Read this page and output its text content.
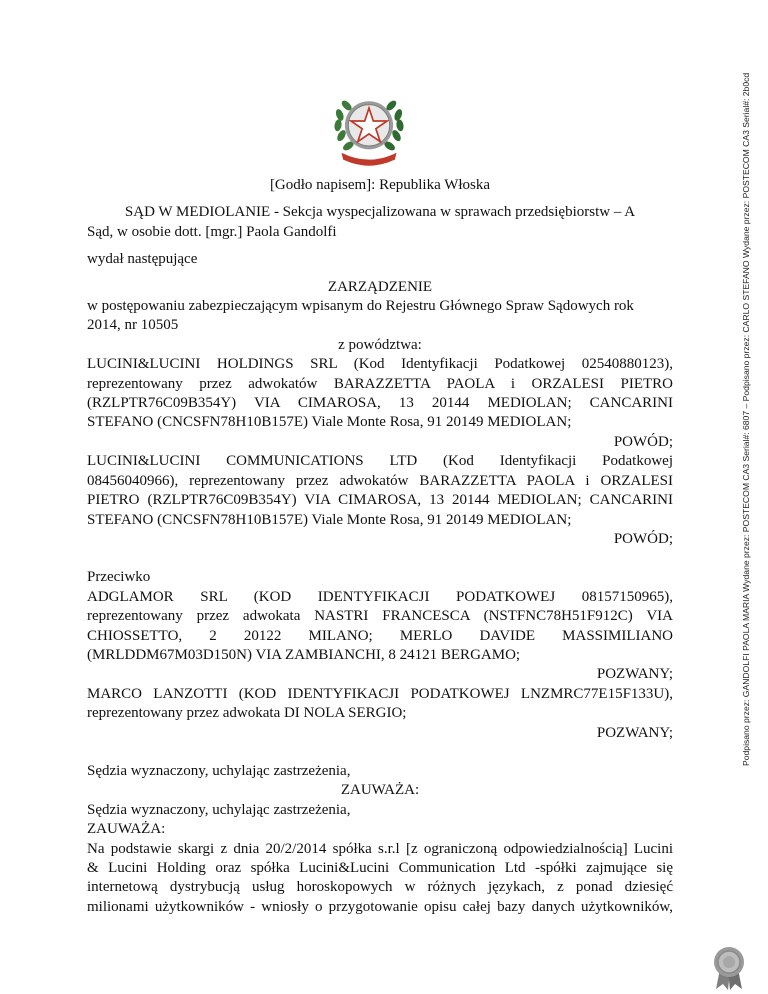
Podpisano przez: GANDOLFI PAOLA MARIA Wydane przez: POSTECOM CA3 Serial#: 6807 – Podpisano przez: CARLO STEFANO Wydane przez: POSTECOM CA3 Serial#: 2b0cd

[Godło napisem]: Republika Włoska

SĄD W MEDIOLANIE - Sekcja wyspecjalizowana w sprawach przedsiębiorstw – A

Sąd, w osobie dott. [mgr.] Paola Gandolfi

wydał następujące

ZARZĄDZENIE

w postępowaniu zabezpieczającym wpisanym do Rejestru Głównego Spraw Sądowych rok

2014, nr 10505

z powództwa:

LUCINI&LUCINI HOLDINGS SRL (Kod Identyfikacji Podatkowej 02540880123),

reprezentowany przez adwokatów BARAZZETTA PAOLA i ORZALESI PIETRO

(RZLPTR76C09B354Y) VIA CIMAROSA, 13 20144 MEDIOLAN; CANCARINI

STEFANO (CNCSFN78H10B157E) Viale Monte Rosa, 91 20149 MEDIOLAN;

POWÓD;

LUCINI&LUCINI COMMUNICATIONS LTD (Kod Identyfikacji Podatkowej

08456040966), reprezentowany przez adwokatów BARAZZETTA PAOLA i ORZALESI

PIETRO (RZLPTR76C09B354Y) VIA CIMAROSA, 13 20144 MEDIOLAN; CANCARINI

STEFANO (CNCSFN78H10B157E) Viale Monte Rosa, 91 20149 MEDIOLAN;

POWÓD;

Przeciwko

ADGLAMOR SRL (KOD IDENTYFIKACJI PODATKOWEJ 08157150965),

reprezentowany przez adwokata NASTRI FRANCESCA (NSTFNC78H51F912C) VIA

CHIOSSETTO, 2 20122 MILANO; MERLO DAVIDE MASSIMILIANO

(MRLDDM67M03D150N) VIA ZAMBIANCHI, 8 24121 BERGAMO;

POZWANY;

MARCO LANZOTTI (KOD IDENTYFIKACJI PODATKOWEJ LNZMRC77E15F133U),

reprezentowany przez adwokata DI NOLA SERGIO;

POZWANY;

Sędzia wyznaczony, uchylając zastrzeżenia,

ZAUWAŻA:

Sędzia wyznaczony, uchylając zastrzeżenia,

ZAUWAŻA:

Na podstawie skargi z dnia 20/2/2014 spółka s.r.l [z ograniczoną odpowiedzialnością] Lucini

& Lucini Holding oraz spółka Lucini&Lucini Communication Ltd -spółki zajmujące się

internetową dystrybucją usług horoskopowych w różnych językach, z ponad dziesięć

milionami użytkowników - wniosły o przygotowanie opisu całej bazy danych użytkowników,
